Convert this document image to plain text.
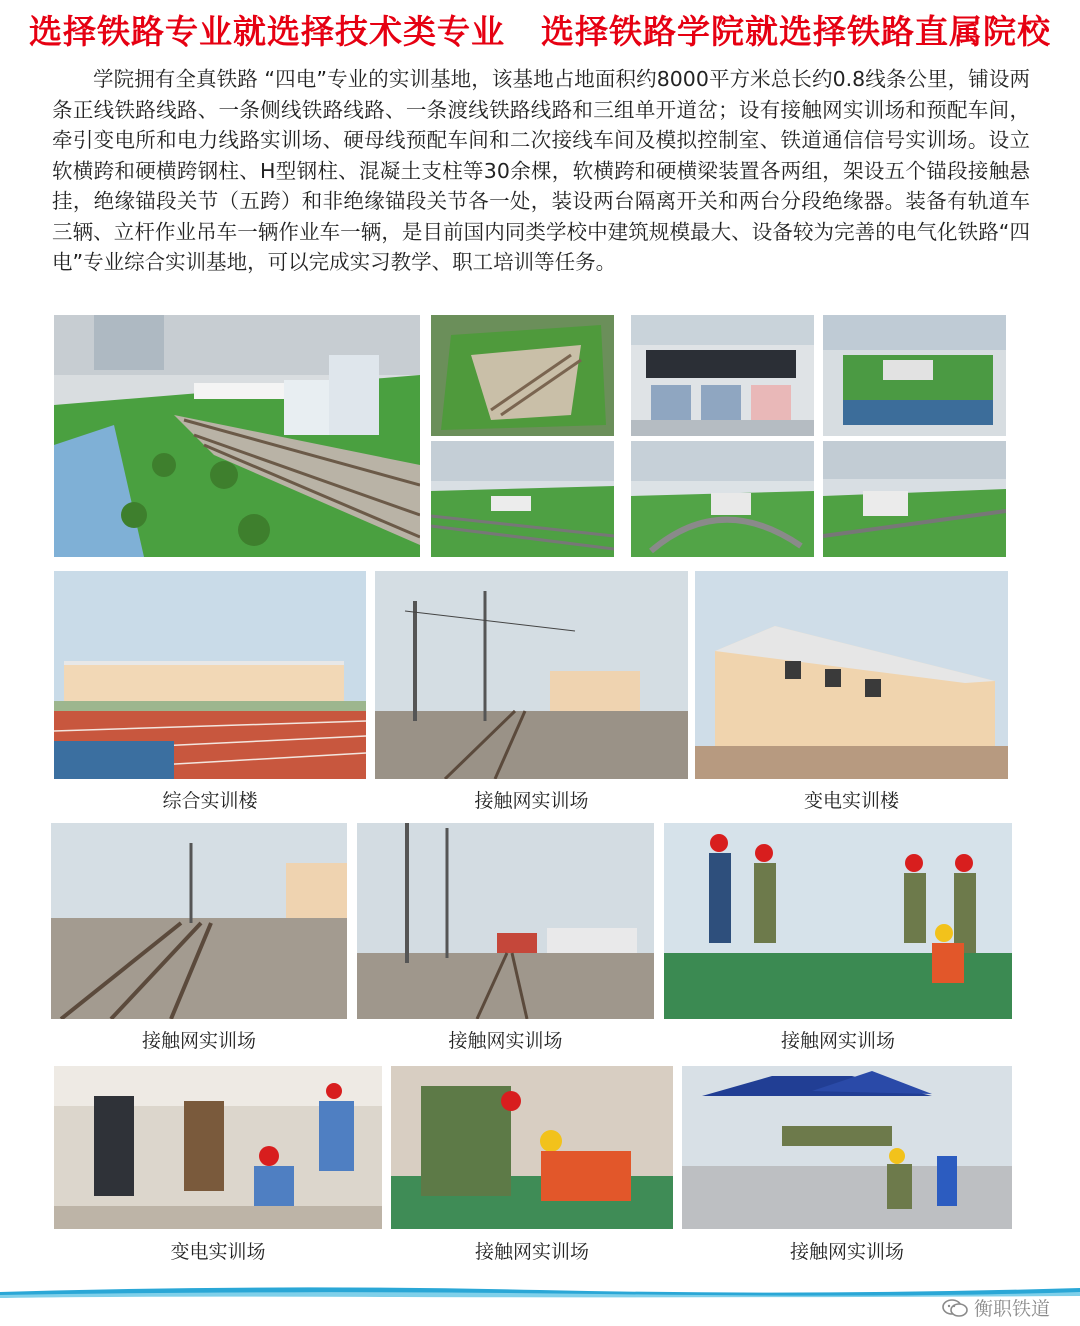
选择铁路专业就选择技术类专业 选择铁路学院就选择铁路直属院校
学院拥有全真铁路 “四电”专业的实训基地，该基地占地面积约8000平方米总长约0.8线条公里，铺设两条正线铁路线路、一条侧线铁路线路、一条渡线铁路线路和三组单开道岔；设有接触网实训场和预配车间，牵引变电所和电力线路实训场、硬母线预配车间和二次接线车间及模拟控制室、铁道通信信号实训场。设立软横跨和硬横跨钢柱、H型钢柱、混凝土支柱等30余棵，软横跨和硬横梁装置各两组，架设五个锚段接触悬挂，绝缘锚段关节（五跨）和非绝缘锚段关节各一处，装设两台隔离开关和两台分段绝缘器。装备有轨道车三辆、立杆作业吊车一辆作业车一辆，是目前国内同类学校中建筑规模最大、设备较为完善的电气化铁路“四电”专业综合实训基地，可以完成实习教学、职工培训等任务。
综合实训楼	接触网实训场	变电实训楼
接触网实训场	接触网实训场	接触网实训场
变电实训场	接触网实训场	接触网实训场
衡职铁道
